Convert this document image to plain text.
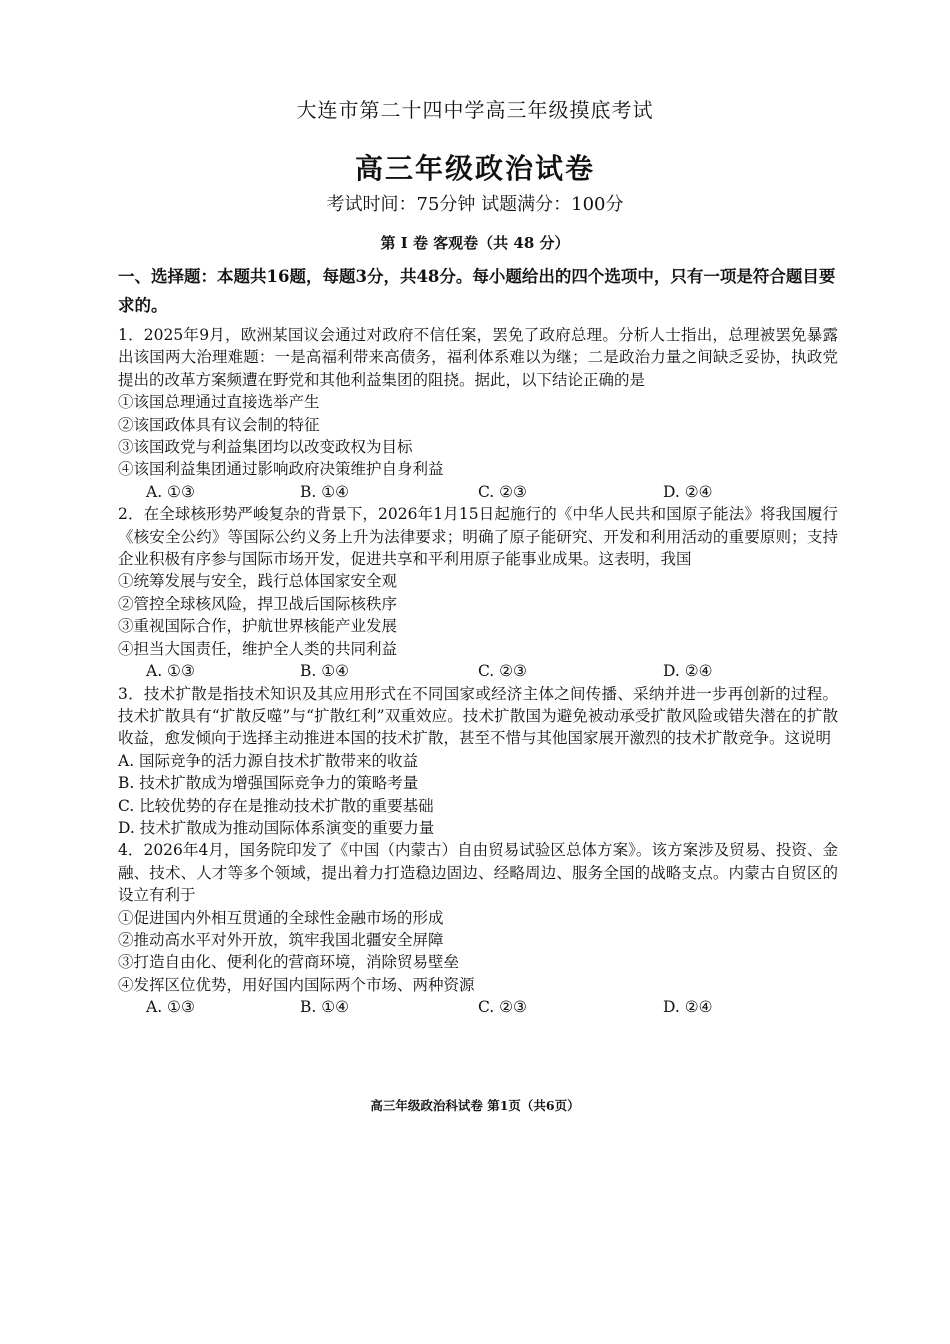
大连市第二十四中学高三年级摸底考试
高三年级政治试卷
考试时间：75分钟 试题满分：100分
第 I 卷 客观卷（共 48 分）
一、选择题：本题共16题，每题3分，共48分。每小题给出的四个选项中，只有一项是符合题目要求的。
1．2025年9月，欧洲某国议会通过对政府不信任案，罢免了政府总理。分析人士指出，总理被罢免暴露出该国两大治理难题：一是高福利带来高债务，福利体系难以为继；二是政治力量之间缺乏妥协，执政党提出的改革方案频遭在野党和其他利益集团的阻挠。据此，以下结论正确的是
①该国总理通过直接选举产生
②该国政体具有议会制的特征
③该国政党与利益集团均以改变政权为目标
④该国利益集团通过影响政府决策维护自身利益
A. ①③	B. ①④	C. ②③	D. ②④
2．在全球核形势严峻复杂的背景下，2026年1月15日起施行的《中华人民共和国原子能法》将我国履行《核安全公约》等国际公约义务上升为法律要求；明确了原子能研究、开发和利用活动的重要原则；支持企业积极有序参与国际市场开发，促进共享和平利用原子能事业成果。这表明，我国
①统筹发展与安全，践行总体国家安全观
②管控全球核风险，捍卫战后国际核秩序
③重视国际合作，护航世界核能产业发展
④担当大国责任，维护全人类的共同利益
A. ①③	B. ①④	C. ②③	D. ②④
3．技术扩散是指技术知识及其应用形式在不同国家或经济主体之间传播、采纳并进一步再创新的过程。技术扩散具有“扩散反噬”与“扩散红利”双重效应。技术扩散国为避免被动承受扩散风险或错失潜在的扩散收益，愈发倾向于选择主动推进本国的技术扩散，甚至不惜与其他国家展开激烈的技术扩散竞争。这说明
A. 国际竞争的活力源自技术扩散带来的收益
B. 技术扩散成为增强国际竞争力的策略考量
C. 比较优势的存在是推动技术扩散的重要基础
D. 技术扩散成为推动国际体系演变的重要力量
4．2026年4月，国务院印发了《中国（内蒙古）自由贸易试验区总体方案》。该方案涉及贸易、投资、金融、技术、人才等多个领域，提出着力打造稳边固边、经略周边、服务全国的战略支点。内蒙古自贸区的设立有利于
①促进国内外相互贯通的全球性金融市场的形成
②推动高水平对外开放，筑牢我国北疆安全屏障
③打造自由化、便利化的营商环境，消除贸易壁垒
④发挥区位优势，用好国内国际两个市场、两种资源
A. ①③	B. ①④	C. ②③	D. ②④
高三年级政治科试卷 第1页（共6页）
